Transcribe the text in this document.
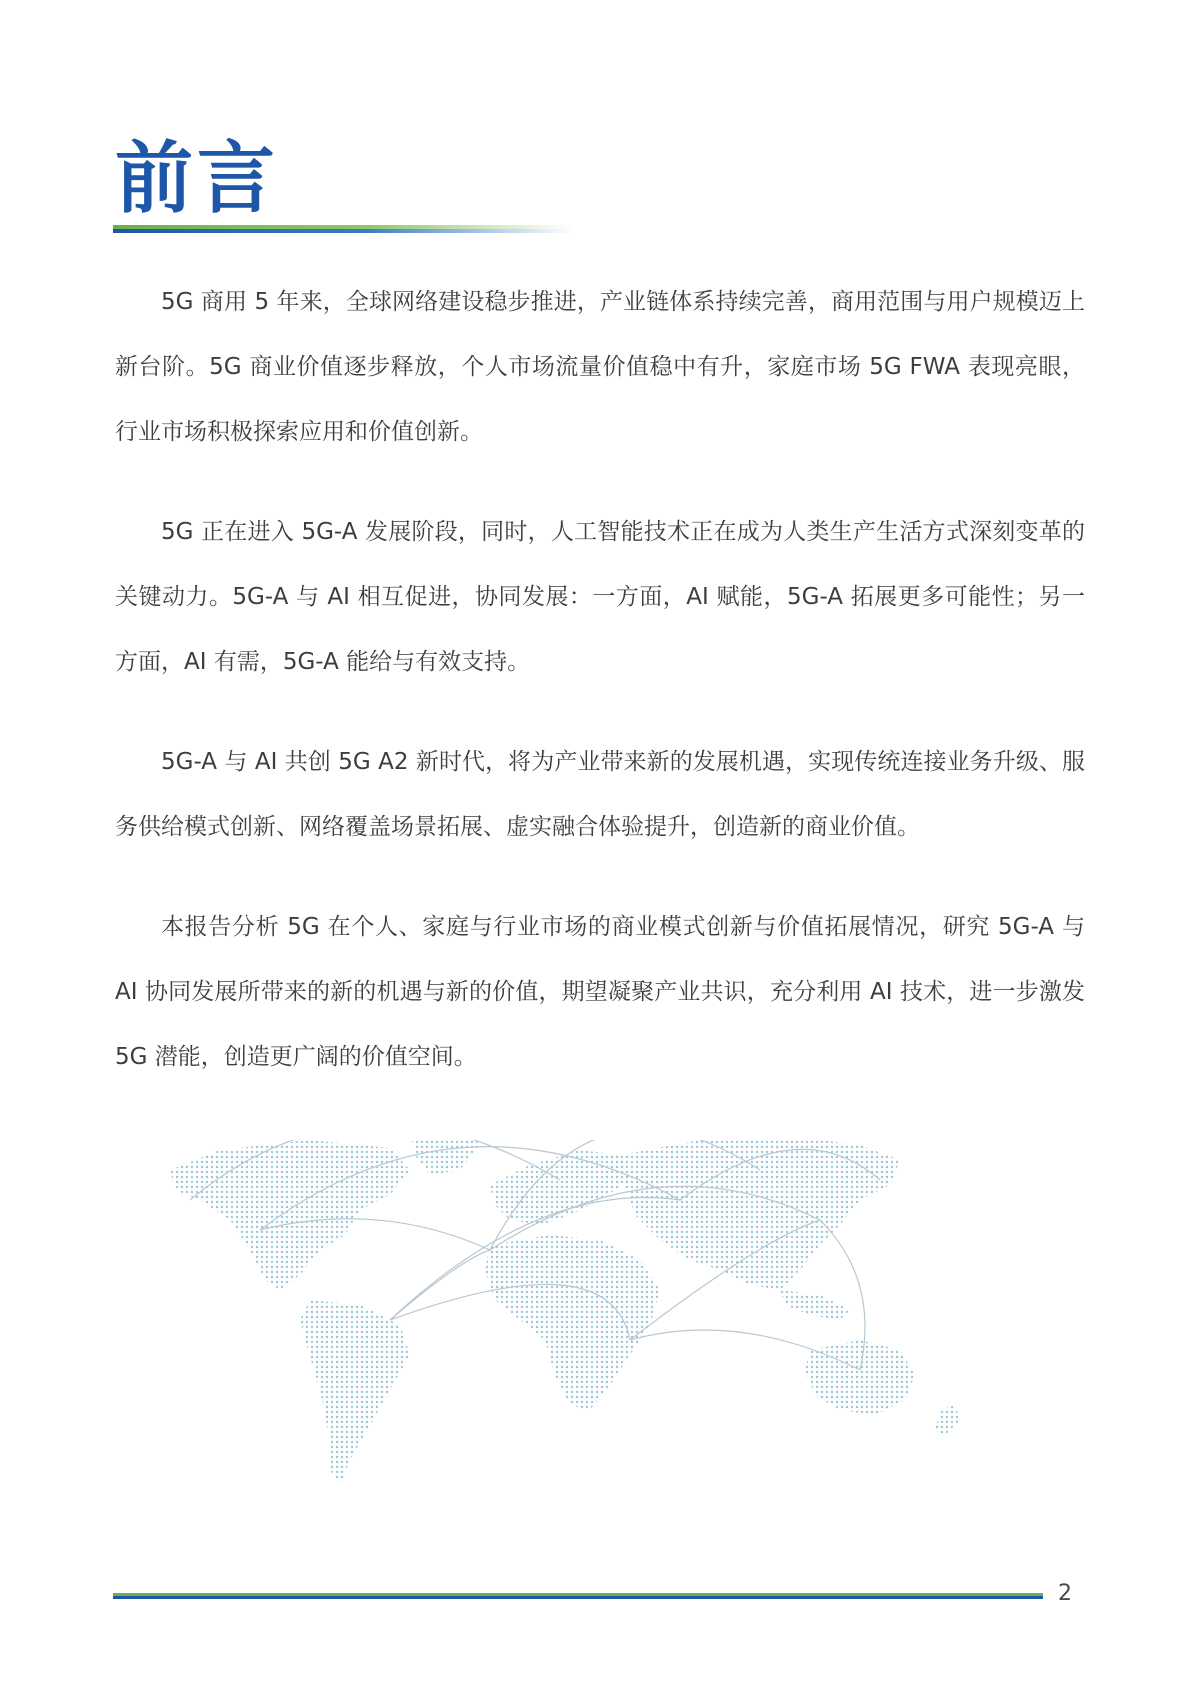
前言

5G 商用 5 年来，全球网络建设稳步推进，产业链体系持续完善，商用范围与用户规模迈上新台阶。5G 商业价值逐步释放，个人市场流量价值稳中有升，家庭市场 5G FWA 表现亮眼，行业市场积极探索应用和价值创新。

5G 正在进入 5G-A 发展阶段，同时，人工智能技术正在成为人类生产生活方式深刻变革的关键动力。5G-A 与 AI 相互促进，协同发展：一方面，AI 赋能，5G-A 拓展更多可能性；另一方面，AI 有需，5G-A 能给与有效支持。

5G-A 与 AI 共创 5G A2 新时代，将为产业带来新的发展机遇，实现传统连接业务升级、服务供给模式创新、网络覆盖场景拓展、虚实融合体验提升，创造新的商业价值。

本报告分析 5G 在个人、家庭与行业市场的商业模式创新与价值拓展情况，研究 5G-A 与 AI 协同发展所带来的新的机遇与新的价值，期望凝聚产业共识，充分利用 AI 技术，进一步激发 5G 潜能，创造更广阔的价值空间。

2
